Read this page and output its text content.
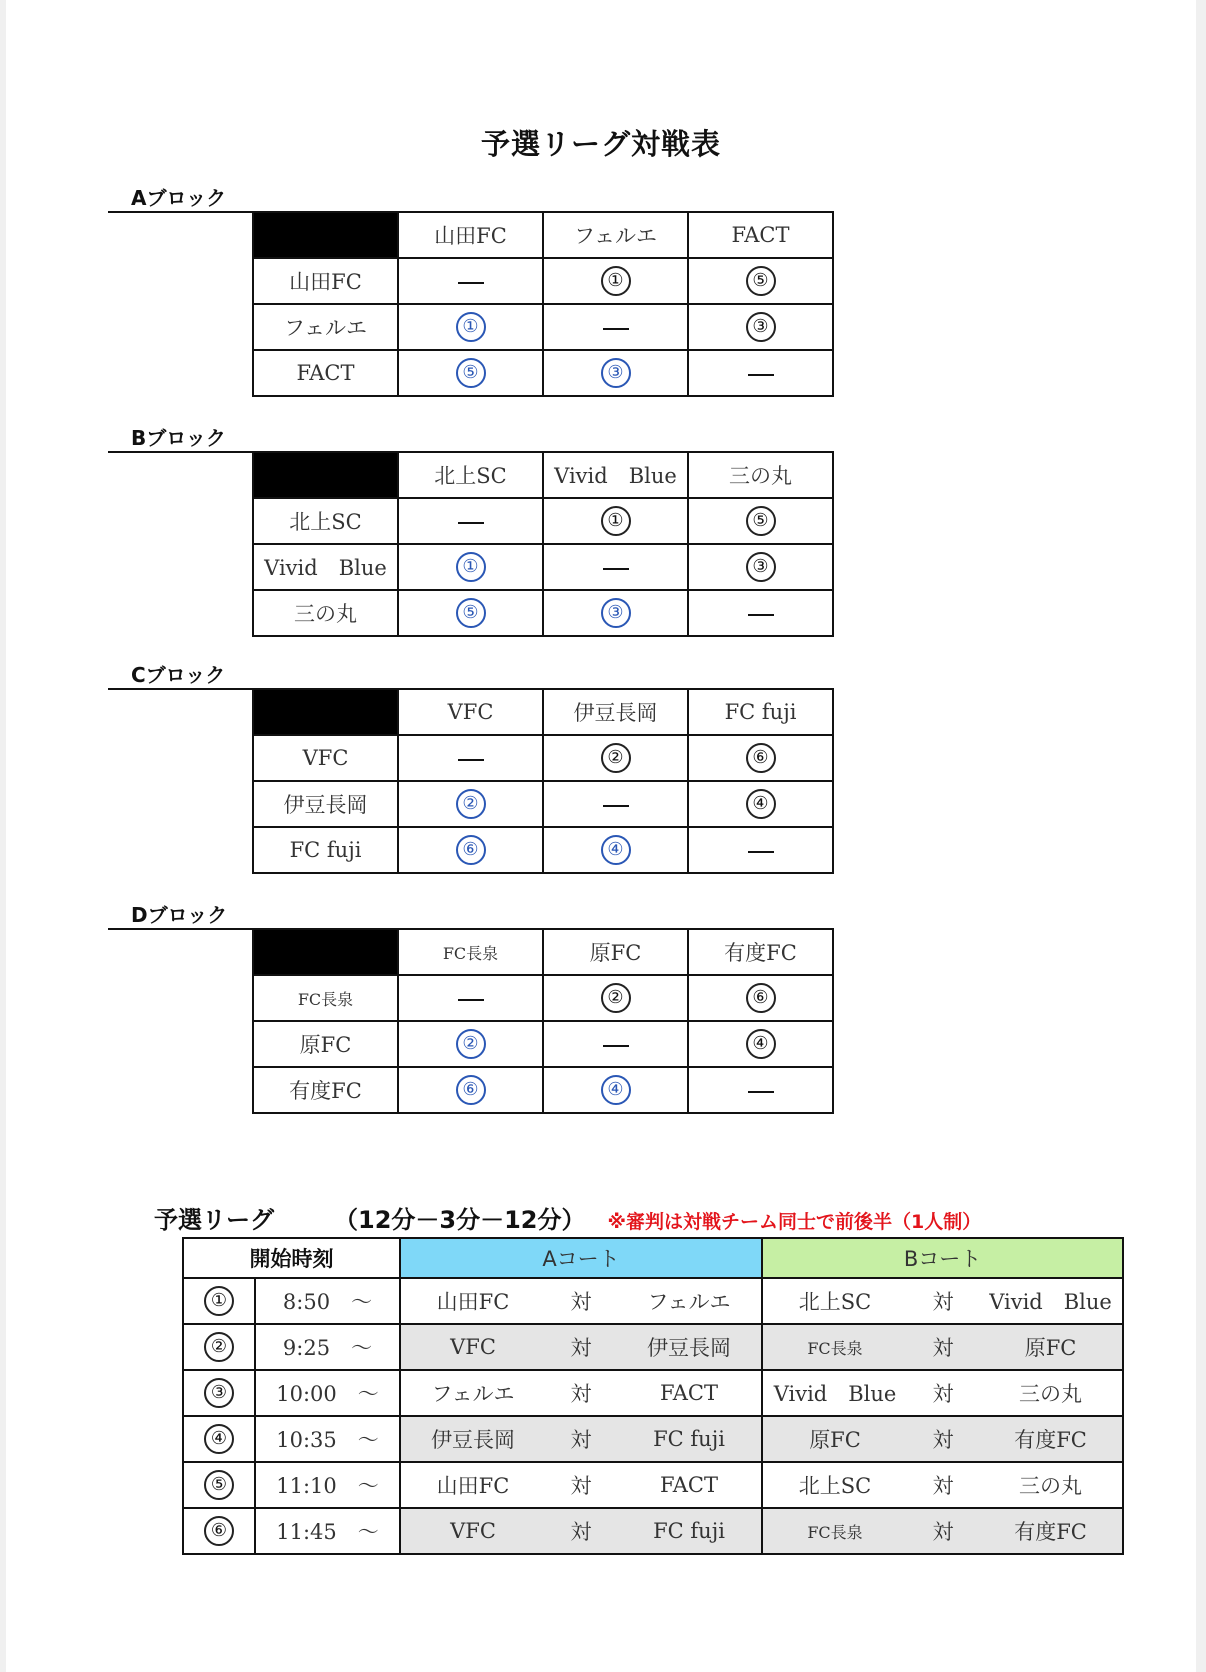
予選リーグ対戦表
Aブロック
	山田FC	フェルエ	FACT
山田FC		①	⑤
フェルエ	①		③
FACT	⑤	③	
Bブロック
	北上SC	Vivid　Blue	三の丸
北上SC		①	⑤
Vivid　Blue	①		③
三の丸	⑤	③	
Cブロック
	VFC	伊豆長岡	FC fuji
VFC		②	⑥
伊豆長岡	②		④
FC fuji	⑥	④	
Dブロック
	FC長泉	原FC	有度FC
FC長泉		②	⑥
原FC	②		④
有度FC	⑥	④	
予選リーグ	（12分－3分－12分） ※審判は対戦チーム同士で前後半（1人制）
開始時刻		Aコート			Bコート		
①	8:50　～	山田FC	対	フェルエ	北上SC	対	Vivid　Blue
②	9:25　～	VFC	対	伊豆長岡	FC長泉	対	原FC
③	10:00　～	フェルエ	対	FACT	Vivid　Blue	対	三の丸
④	10:35　～	伊豆長岡	対	FC fuji	原FC	対	有度FC
⑤	11:10　～	山田FC	対	FACT	北上SC	対	三の丸
⑥	11:45　～	VFC	対	FC fuji	FC長泉	対	有度FC
